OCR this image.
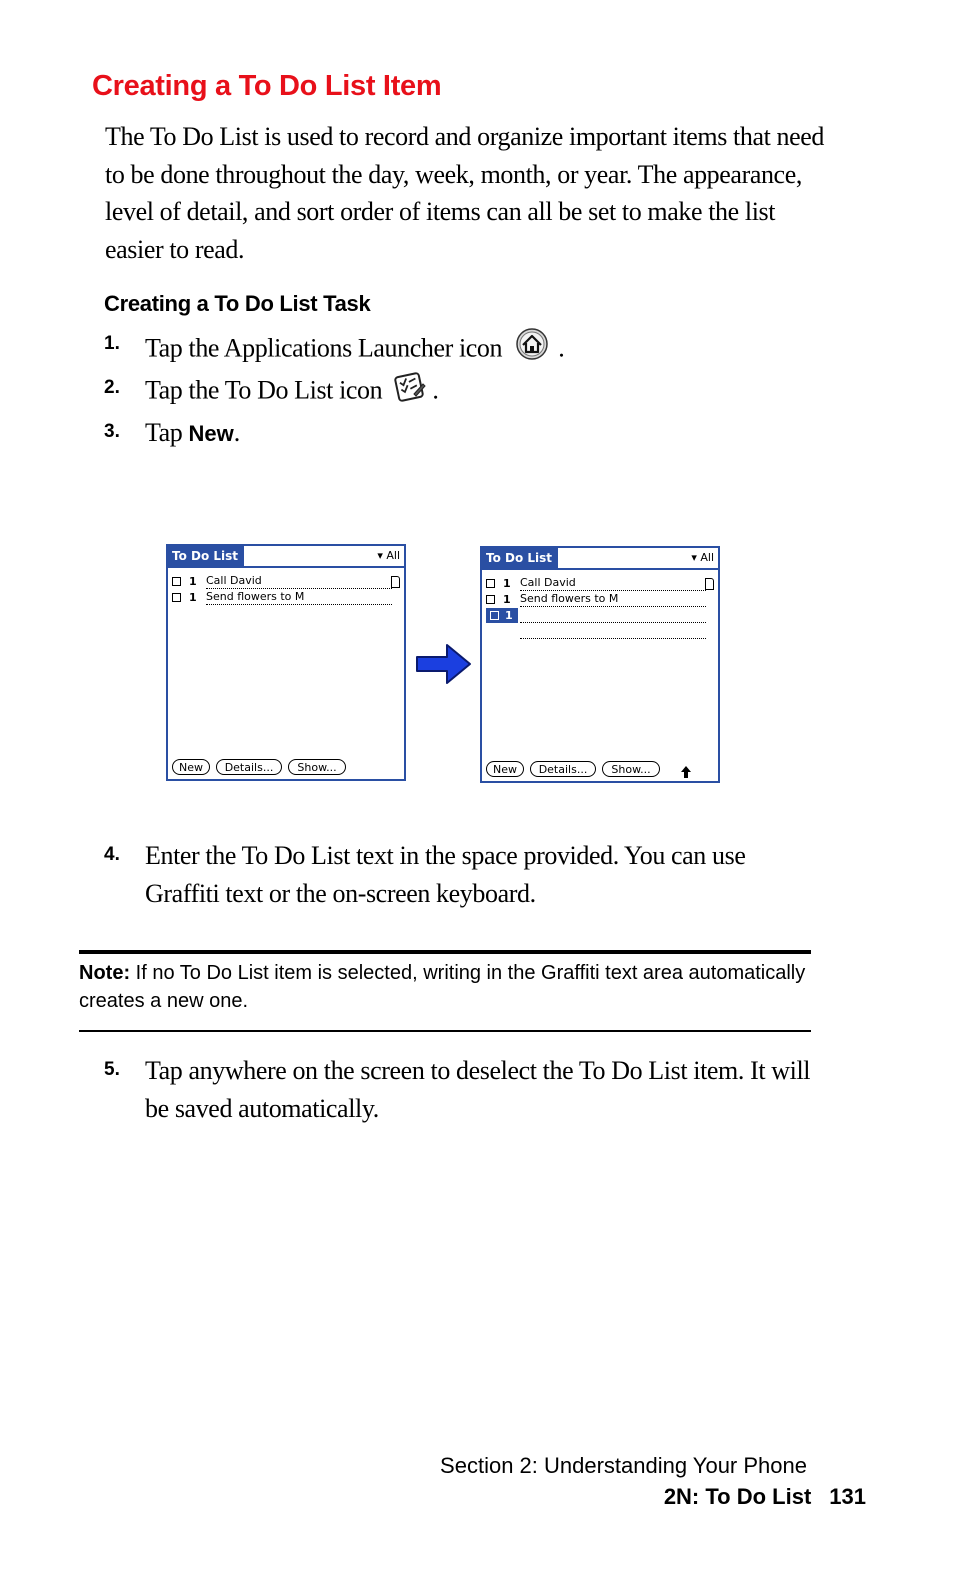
Creating a To Do List Item

The To Do List is used to record and organize important items that need to be done throughout the day, week, month, or year. The appearance, level of detail, and sort order of items can all be set to make the list easier to read.

Creating a To Do List Task
1. Tap the Applications Launcher icon .
2. Tap the To Do List icon .
3. Tap New.
To Do List	▾ All
1 Call David
1 Send flowers to M
New	Details...	Show...
To Do List	▾ All
1 Call David
1 Send flowers to M
1
New	Details...	Show...
4. Enter the To Do List text in the space provided. You can use Graffiti text or the on-screen keyboard.

Note: If no To Do List item is selected, writing in the Graffiti text area automatically creates a new one.

5. Tap anywhere on the screen to deselect the To Do List item. It will be saved automatically.
Section 2: Understanding Your Phone
2N: To Do List 131
